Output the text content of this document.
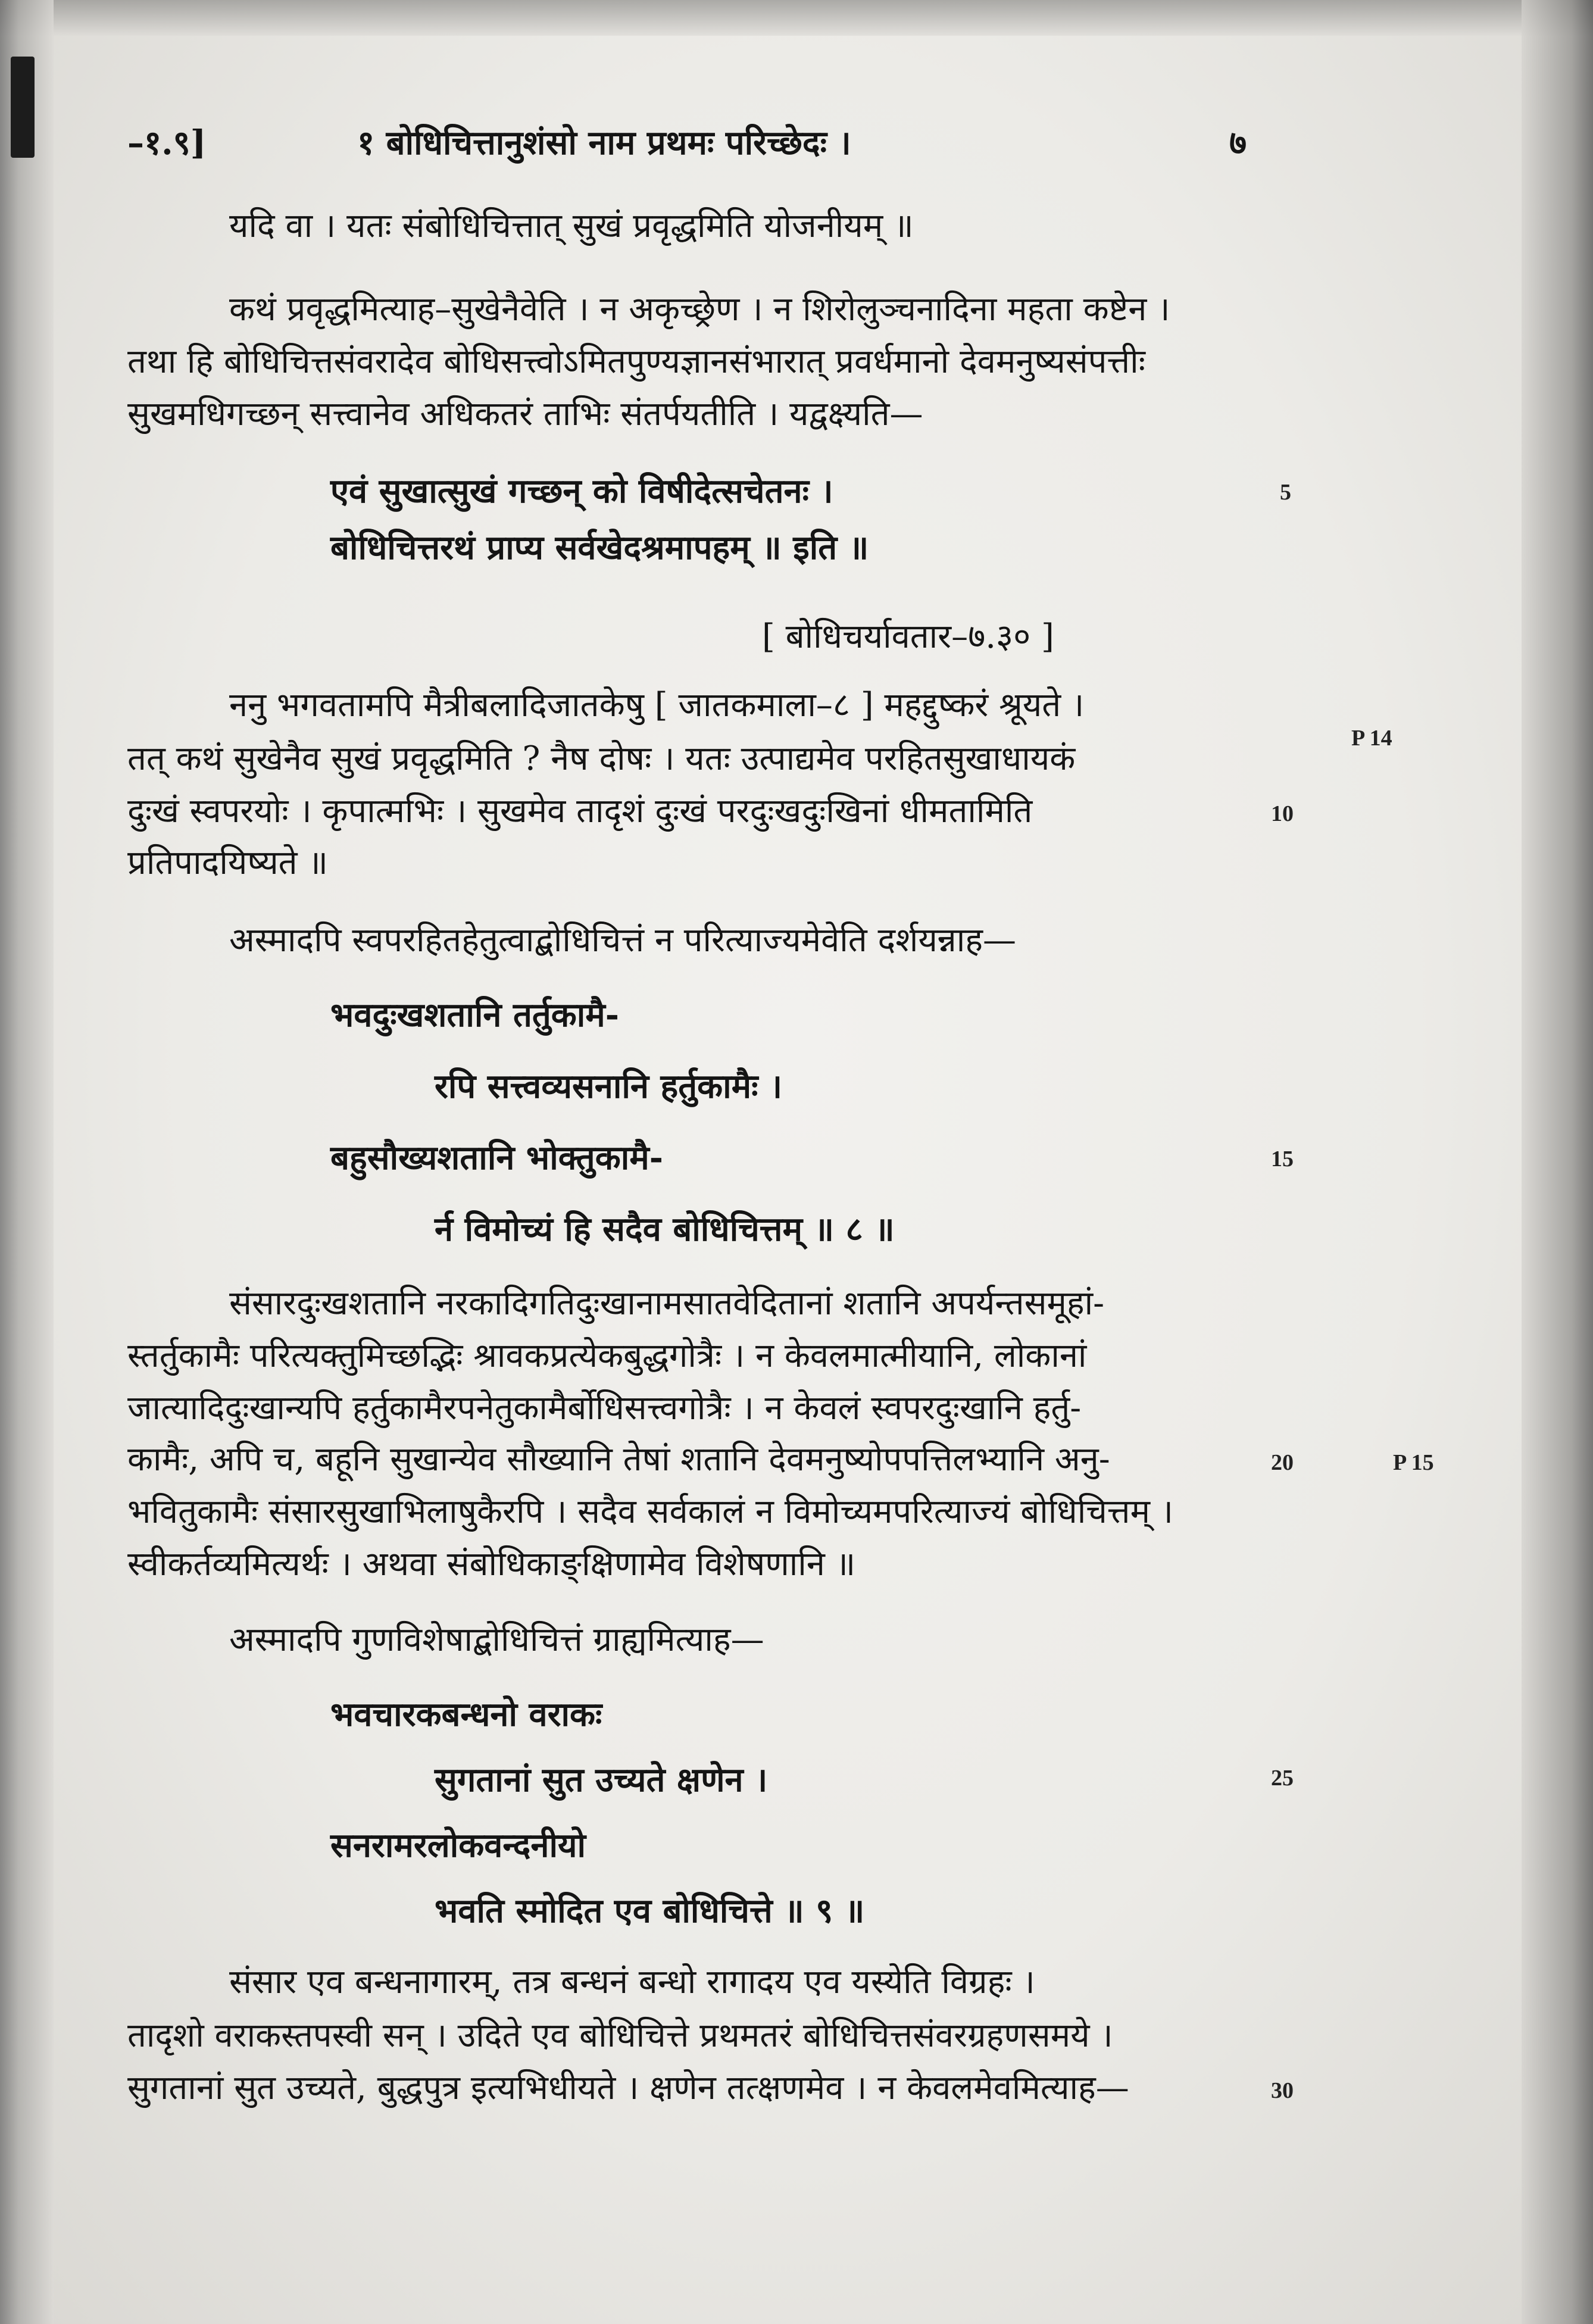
–१.९]	१ बोधिचित्तानुशंसो नाम प्रथमः परिच्छेदः ।	७
यदि वा । यतः संबोधिचित्तात् सुखं प्रवृद्धमिति योजनीयम् ॥
कथं प्रवृद्धमित्याह–सुखेनैवेति । न अकृच्छ्रेण । न शिरोलुञ्चनादिना महता कष्टेन ।
तथा हि बोधिचित्तसंवरादेव बोधिसत्त्वोऽमितपुण्यज्ञानसंभारात् प्रवर्धमानो देवमनुष्यसंपत्तीः
सुखमधिगच्छन् सत्त्वानेव अधिकतरं ताभिः संतर्पयतीति । यद्वक्ष्यति—
एवं सुखात्सुखं गच्छन् को विषीदेत्सचेतनः ।
बोधिचित्तरथं प्राप्य सर्वखेदश्रमापहम् ॥ इति ॥
[ बोधिचर्यावतार–७.३० ]
ननु भगवतामपि मैत्रीबलादिजातकेषु [ जातकमाला–८ ] महद्दुष्करं श्रूयते ।
तत् कथं सुखेनैव सुखं प्रवृद्धमिति ? नैष दोषः । यतः उत्पाद्यमेव परहितसुखाधायकं
दुःखं स्वपरयोः । कृपात्मभिः । सुखमेव तादृशं दुःखं परदुःखदुःखिनां धीमतामिति
प्रतिपादयिष्यते ॥
अस्मादपि स्वपरहितहेतुत्वाद्बोधिचित्तं न परित्याज्यमेवेति दर्शयन्नाह—
भवदुःखशतानि तर्तुकामै-
रपि सत्त्वव्यसनानि हर्तुकामैः ।
बहुसौख्यशतानि भोक्तुकामै-
र्न विमोच्यं हि सदैव बोधिचित्तम् ॥ ८ ॥
संसारदुःखशतानि नरकादिगतिदुःखानामसातवेदितानां शतानि अपर्यन्तसमूहां-
स्तर्तुकामैः परित्यक्तुमिच्छद्भिः श्रावकप्रत्येकबुद्धगोत्रैः । न केवलमात्मीयानि, लोकानां
जात्यादिदुःखान्यपि हर्तुकामैरपनेतुकामैर्बोधिसत्त्वगोत्रैः । न केवलं स्वपरदुःखानि हर्तु-
कामैः, अपि च, बहूनि सुखान्येव सौख्यानि तेषां शतानि देवमनुष्योपपत्तिलभ्यानि अनु-
भवितुकामैः संसारसुखाभिलाषुकैरपि । सदैव सर्वकालं न विमोच्यमपरित्याज्यं बोधिचित्तम् ।
स्वीकर्तव्यमित्यर्थः । अथवा संबोधिकाङ्क्षिणामेव विशेषणानि ॥
अस्मादपि गुणविशेषाद्बोधिचित्तं ग्राह्यमित्याह—
भवचारकबन्धनो वराकः
सुगतानां सुत उच्यते क्षणेन ।
सनरामरलोकवन्दनीयो
भवति स्मोदित एव बोधिचित्ते ॥ ९ ॥
संसार एव बन्धनागारम्, तत्र बन्धनं बन्धो रागादय एव यस्येति विग्रहः ।
तादृशो वराकस्तपस्वी सन् । उदिते एव बोधिचित्ते प्रथमतरं बोधिचित्तसंवरग्रहणसमये ।
सुगतानां सुत उच्यते, बुद्धपुत्र इत्यभिधीयते । क्षणेन तत्क्षणमेव । न केवलमेवमित्याह—
5
10
15
20
25
30
P 14
P 15
